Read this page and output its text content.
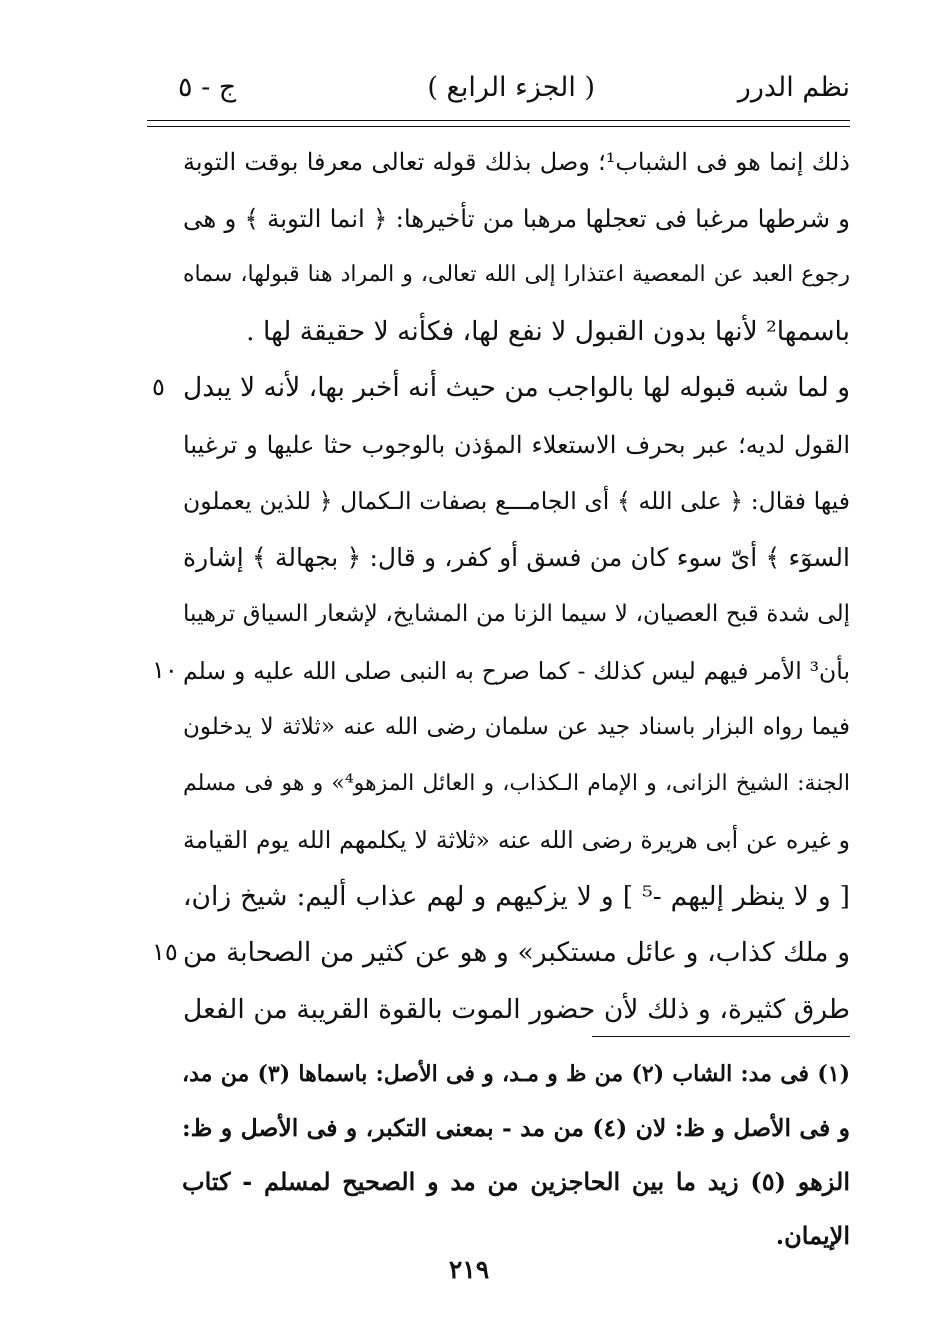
نظم الدرر
( الجزء الرابع )
ج - ٥
ذلك إنما هو فى الشباب¹؛ وصل بذلك قوله تعالى معرفا بوقت التوبة
و شرطها مرغبا فى تعجلها مرهبا من تأخيرها: ﴿ انما التوبة ﴾ و هى
رجوع العبد عن المعصية اعتذارا إلى الله تعالى، و المراد هنا قبولها، سماه
باسمها² لأنها بدون القبول لا نفع لها، فكأنه لا حقيقة لها .
و لما شبه قبوله لها بالواجب من حيث أنه أخبر بها، لأنه لا يبدل
القول لديه؛ عبر بحرف الاستعلاء المؤذن بالوجوب حثا عليها و ترغيبا
فيها فقال: ﴿ على الله ﴾ أى الجامـــع بصفات الـكمال ﴿ للذين يعملون
السوٓء ﴾ أىّ سوء كان من فسق أو كفر، و قال: ﴿ بجهالة ﴾ إشارة
إلى شدة قبح العصيان، لا سيما الزنا من المشايخ، لإشعار السياق ترهيبا
بأن³ الأمر فيهم ليس كذلك - كما صرح به النبى صلى الله عليه و سلم
فيما رواه البزار باسناد جيد عن سلمان رضى الله عنه «ثلاثة لا يدخلون
الجنة: الشيخ الزانى، و الإمام الـكذاب، و العائل المزهو⁴» و هو فى مسلم
و غيره عن أبى هريرة رضى الله عنه «ثلاثة لا يكلمهم الله يوم القيامة
[ و لا ينظر إليهم -⁵ ] و لا يزكيهم و لهم عذاب أليم: شيخ زان،
و ملك كذاب، و عائل مستكبر» و هو عن كثير من الصحابة من
طرق كثيرة، و ذلك لأن حضور الموت بالقوة القريبة من الفعل
٥
١٠
١٥
(١) فى مد: الشاب (٢) من ظ و مـد، و فى الأصل: باسماها (٣) من مد،
و فى الأصل و ظ: لان (٤) من مد - بمعنى التكبر، و فى الأصل و ظ:
الزهو (٥) زيد ما بين الحاجزين من مد و الصحيح لمسلم - كتاب
الإيمان.
٢١٩
